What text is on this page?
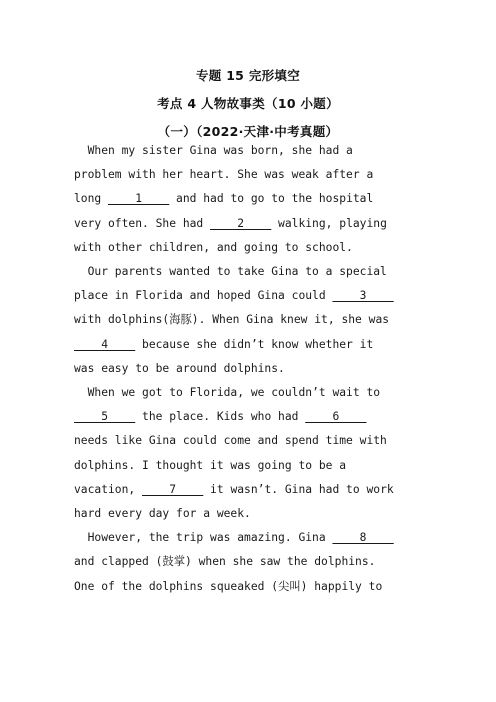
专题 15 完形填空
考点 4 人物故事类（10 小题）
（一）（2022·天津·中考真题）
When my sister Gina was born, she had a
problem with her heart. She was weak after a
long ____1____ and had to go to the hospital
very often. She had ____2____ walking, playing
with other children, and going to school.
Our parents wanted to take Gina to a special
place in Florida and hoped Gina could ____3____
with dolphins(海豚). When Gina knew it, she was
____4____ because she didn’t know whether it
was easy to be around dolphins.
When we got to Florida, we couldn’t wait to
____5____ the place. Kids who had ____6____
needs like Gina could come and spend time with
dolphins. I thought it was going to be a
vacation, ____7____ it wasn’t. Gina had to work
hard every day for a week.
However, the trip was amazing. Gina ____8____
and clapped (鼓掌) when she saw the dolphins.
One of the dolphins squeaked (尖叫) happily to
